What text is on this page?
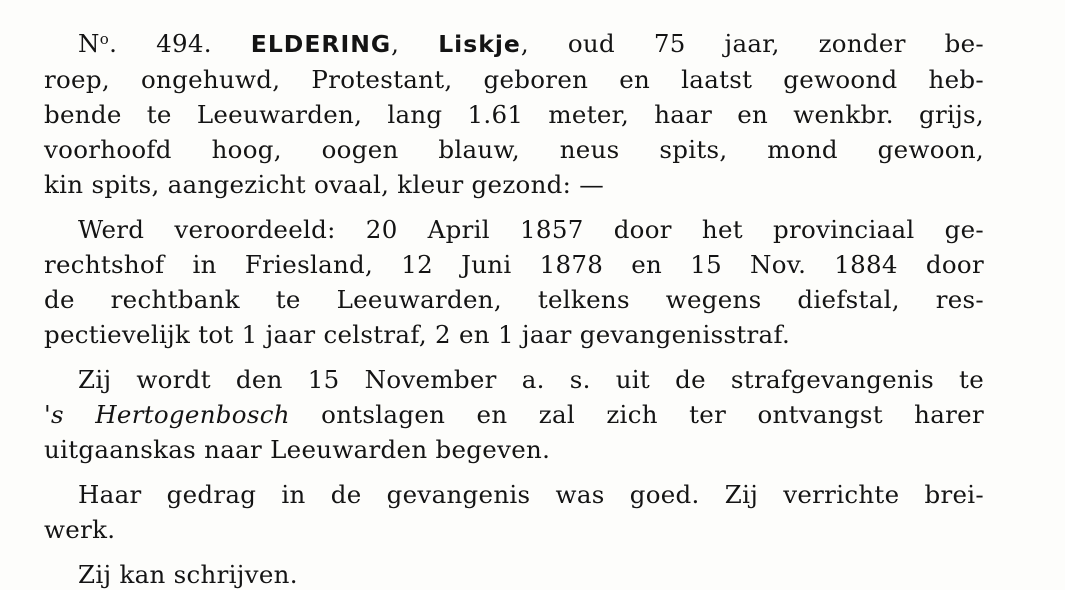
$N^o$. 494. ELDERING, Liskje, oud 75 jaar, zonder be-
roep, ongehuwd, Protestant, geboren en laatst gewoond heb-
bende te Leeuwarden, lang 1.61 meter, haar en wenkbr. grijs,
voorhoofd hoog, oogen blauw, neus spits, mond gewoon,
kin spits, aangezicht ovaal, kleur gezond: —
Werd veroordeeld: 20 April 1857 door het provinciaal ge-
rechtshof in Friesland, 12 Juni 1878 en 15 Nov. 1884 door
de rechtbank te Leeuwarden, telkens wegens diefstal, res-
pectievelijk tot 1 jaar celstraf, 2 en 1 jaar gevangenisstraf.
Zij wordt den 15 November a. s. uit de strafgevangenis te
's Hertogenbosch ontslagen en zal zich ter ontvangst harer
uitgaanskas naar Leeuwarden begeven.
Haar gedrag in de gevangenis was goed. Zij verrichte brei-
werk.
Zij kan schrijven.
